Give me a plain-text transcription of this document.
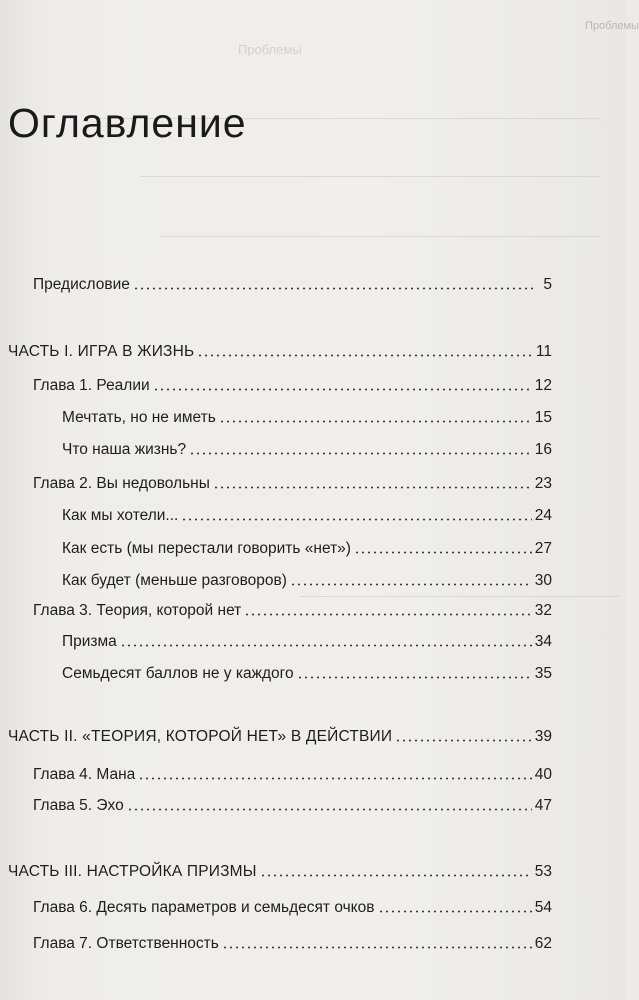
Проблемы
Проблемы
Оглавление
Предисловие	5
ЧАСТЬ I. ИГРА В ЖИЗНЬ	11
Глава 1. Реалии	12
Мечтать, но не иметь	15
Что наша жизнь?	16
Глава 2. Вы недовольны	23
Как мы хотели...	24
Как есть (мы перестали говорить «нет»)	27
Как будет (меньше разговоров)	30
Глава 3. Теория, которой нет	32
Призма	34
Семьдесят баллов не у каждого	35
ЧАСТЬ II. «ТЕОРИЯ, КОТОРОЙ НЕТ» В ДЕЙСТВИИ	39
Глава 4. Мана	40
Глава 5. Эхо	47
ЧАСТЬ III. НАСТРОЙКА ПРИЗМЫ	53
Глава 6. Десять параметров и семьдесят очков	54
Глава 7. Ответственность	62
